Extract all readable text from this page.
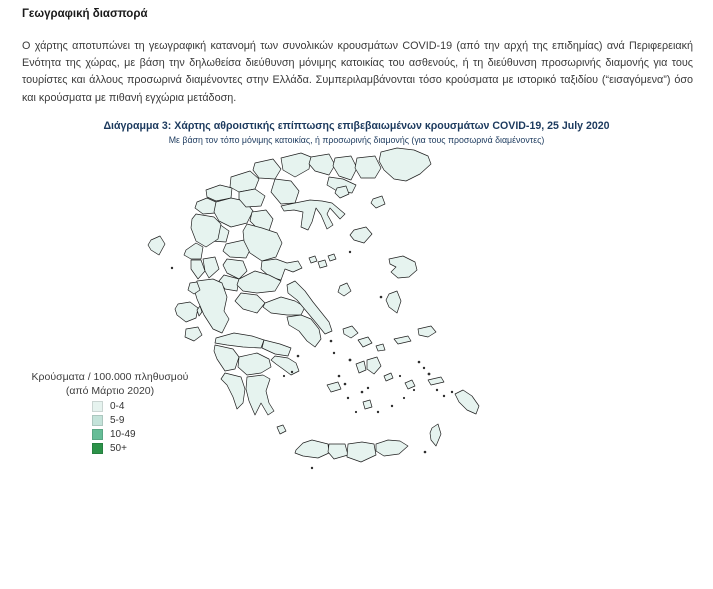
Γεωγραφική διασπορά
Ο χάρτης αποτυπώνει τη γεωγραφική κατανομή των συνολικών κρουσμάτων COVID-19 (από την αρχή της επιδημίας) ανά Περιφερειακή Ενότητα της χώρας, με βάση την δηλωθείσα διεύθυνση μόνιμης κατοικίας του ασθενούς, ή τη διεύθυνση προσωρινής διαμονής για τους τουρίστες και άλλους προσωρινά διαμένοντες στην Ελλάδα. Συμπεριλαμβάνονται τόσο κρούσματα με ιστορικό ταξιδίου (“εισαγόμενα”) όσο και κρούσματα με πιθανή εγχώρια μετάδοση.
Διάγραμμα 3: Χάρτης αθροιστικής επίπτωσης επιβεβαιωμένων κρουσμάτων COVID-19, 25 July 2020
Με βάση τον τόπο μόνιμης κατοικίας, ή προσωρινής διαμονής (για τους προσωρινά διαμένοντες)
Κρούσματα / 100.000 πληθυσμού
(από Μάρτιο 2020)
0-4
5-9
10-49
50+
